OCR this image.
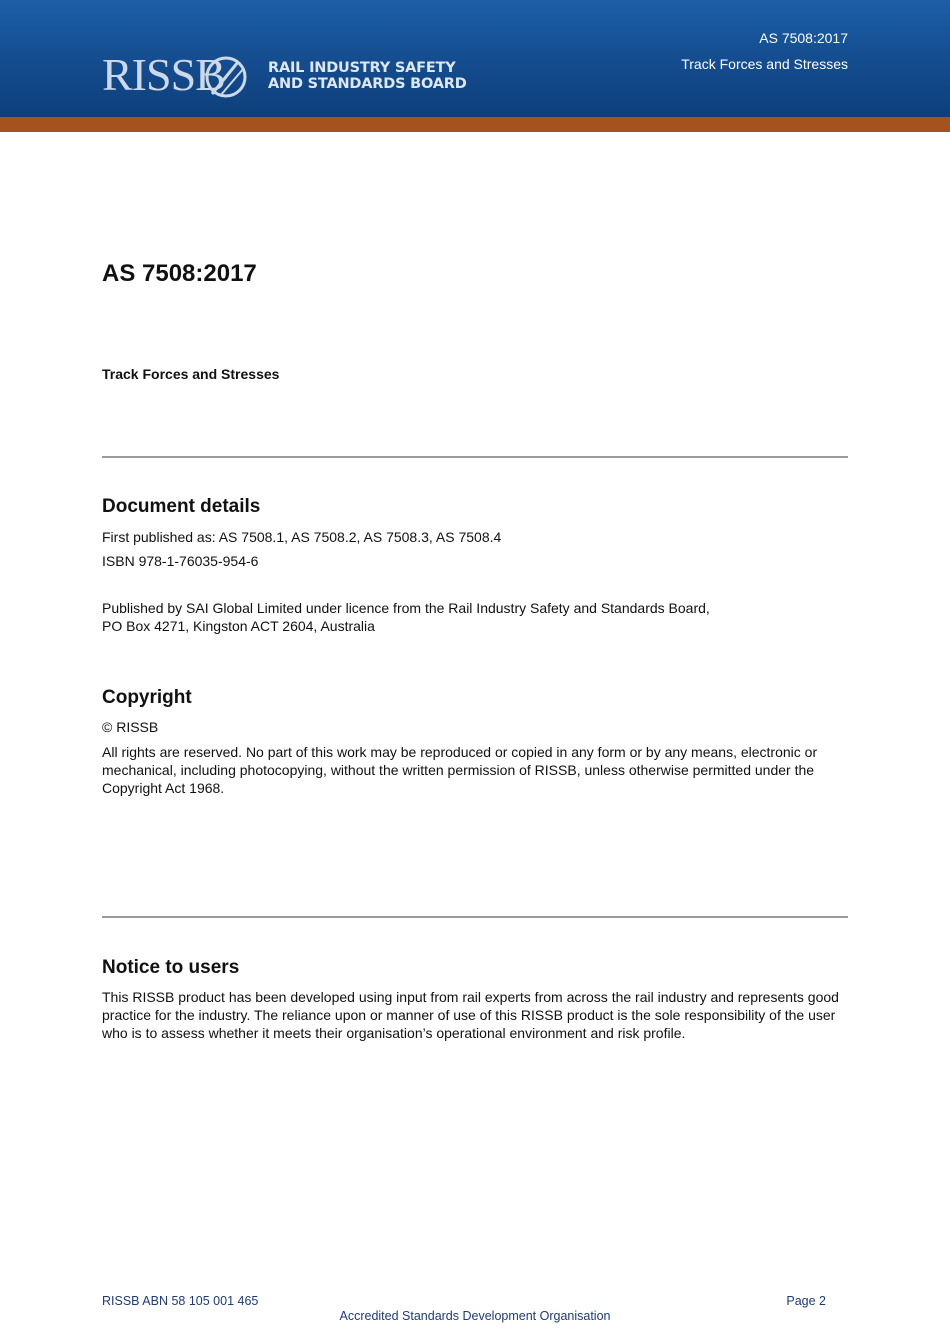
RISSB	RAIL INDUSTRY SAFETY
AND STANDARDS BOARD
AS 7508:2017
Track Forces and Stresses
AS 7508:2017
Track Forces and Stresses
Document details

First published as: AS 7508.1, AS 7508.2, AS 7508.3, AS 7508.4

ISBN 978-1-76035-954-6

Published by SAI Global Limited under licence from the Rail Industry Safety and Standards Board,

PO Box 4271, Kingston ACT 2604, Australia

Copyright

© RISSB

All rights are reserved. No part of this work may be reproduced or copied in any form or by any means, electronic or mechanical, including photocopying, without the written permission of RISSB, unless otherwise permitted under the Copyright Act 1968.

Notice to users

This RISSB product has been developed using input from rail experts from across the rail industry and represents good practice for the industry. The reliance upon or manner of use of this RISSB product is the sole responsibility of the user who is to assess whether it meets their organisation’s operational environment and risk profile.

RISSB ABN 58 105 001 465	Page 2
Accredited Standards Development Organisation
